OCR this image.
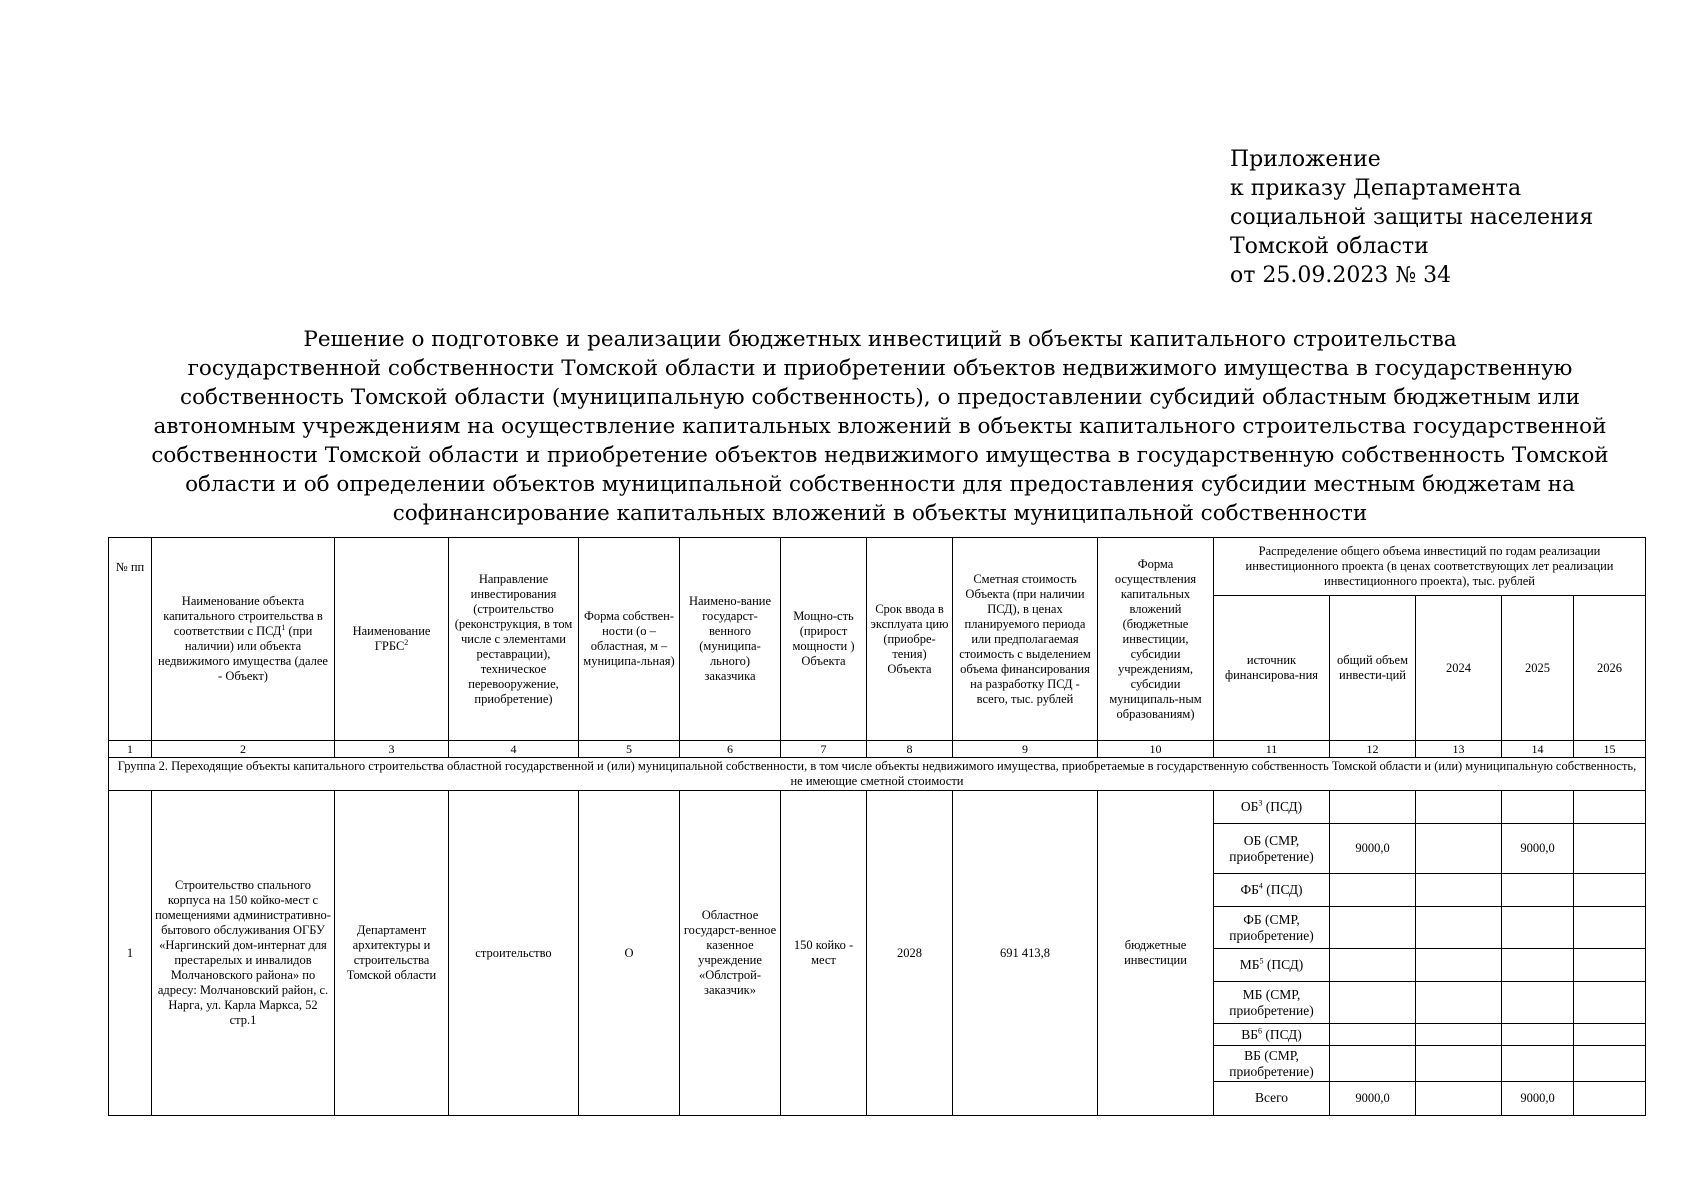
Приложение
к приказу Департамента
социальной защиты населения
Томской области
от 25.09.2023 № 34
Решение о подготовке и реализации бюджетных инвестиций в объекты капитального строительства
государственной собственности Томской области и приобретении объектов недвижимого имущества в государственную
собственность Томской области (муниципальную собственность), о предоставлении субсидий областным бюджетным или
автономным учреждениям на осуществление капитальных вложений в объекты капитального строительства государственной
собственности Томской области и приобретение объектов недвижимого имущества в государственную собственность Томской
области и об определении объектов муниципальной собственности для предоставления субсидии местным бюджетам на
софинансирование капитальных вложений в объекты муниципальной собственности
№ пп	Наименование объекта капитального строительства в соответствии с ПСД$^1$ (при наличии) или объекта недвижимого имущества (далее - Объект)	Наименование ГРБС$^2$	Направление инвестирования (строительство (реконструкция, в том числе с элементами реставрации), техническое перевооружение, приобретение)	Форма собствен-ности (о – областная, м – муниципа-льная)	Наимено-вание государст-венного (муниципа-льного) заказчика	Мощно-сть (прирост мощности ) Объекта	Срок ввода в эксплуата цию (приобре-тения) Объекта	Сметная стоимость Объекта (при наличии ПСД), в ценах планируемого периода или предполагаемая стоимость с выделением объема финансирования на разработку ПСД - всего, тыс. рублей	Форма осуществления капитальных вложений (бюджетные инвестиции, субсидии учреждениям, субсидии муниципаль-ным образованиям)	Распределение общего объема инвестиций по годам реализации инвестиционного проекта (в ценах соответствующих лет реализации инвестиционного проекта), тыс. рублей				
										источник финансирова-ния	общий объем инвести-ций	2024	2025	2026
1	2	3	4	5	6	7	8	9	10	11	12	13	14	15
Группа 2. Переходящие объекты капитального строительства областной государственной и (или) муниципальной собственности, в том числе объекты недвижимого имущества, приобретаемые в государственную собственность Томской области и (или) муниципальную собственность, не имеющие сметной стоимости														
1	Строительство спального корпуса на 150 койко-мест с помещениями административно-бытового обслуживания ОГБУ «Наргинский дом-интернат для престарелых и инвалидов Молчановского района» по адресу: Молчановский район, с. Нарга, ул. Карла Маркса, 52 стр.1	Департамент архитектуры и строительства Томской области	строительство	О	Областное государст-венное казенное учреждение «Облстрой-заказчик»	150 койко - мест	2028	691 413,8	бюджетные инвестиции	$ОБ^3$ (ПСД)				
										ОБ (СМР, приобретение)	9000,0		9000,0	
										$ФБ^4$ (ПСД)				
										ФБ (СМР, приобретение)				
										$МБ^5$ (ПСД)				
										МБ (СМР, приобретение)				
										$ВБ^6$ (ПСД)				
										ВБ (СМР, приобретение)				
										Всего	9000,0		9000,0	
